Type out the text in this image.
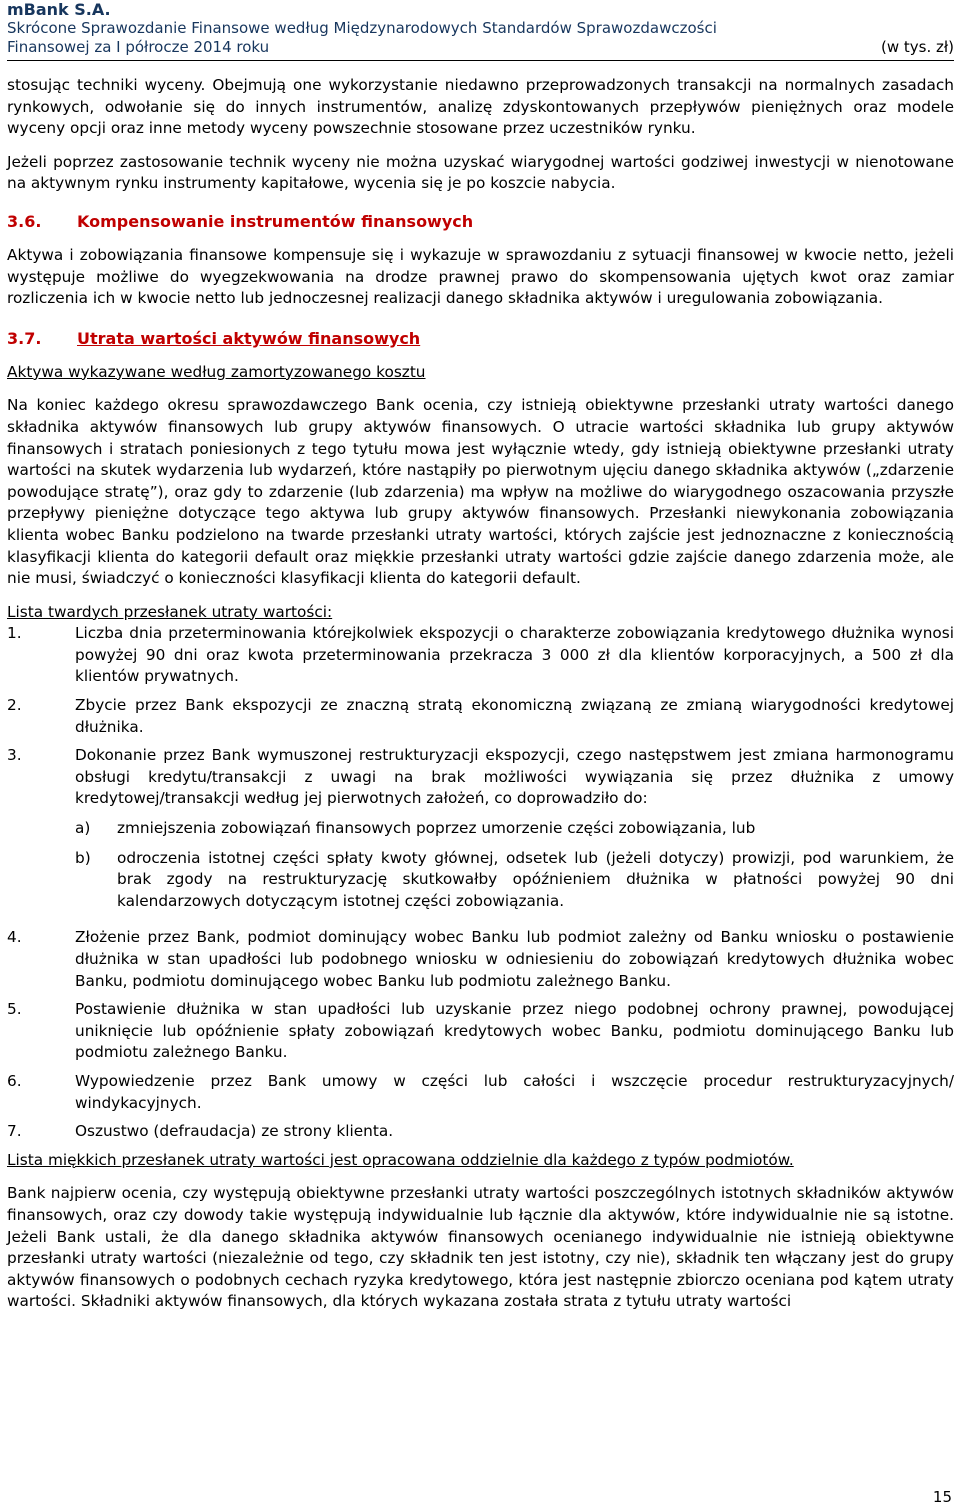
mBank S.A.
Skrócone Sprawozdanie Finansowe według Międzynarodowych Standardów Sprawozdawczości
Finansowej za I półrocze 2014 roku	(w tys. zł)

stosując techniki wyceny. Obejmują one wykorzystanie niedawno przeprowadzonych transakcji na normalnych zasadach rynkowych, odwołanie się do innych instrumentów, analizę zdyskontowanych przepływów pieniężnych oraz modele wyceny opcji oraz inne metody wyceny powszechnie stosowane przez uczestników rynku.

Jeżeli poprzez zastosowanie technik wyceny nie można uzyskać wiarygodnej wartości godziwej inwestycji w nienotowane na aktywnym rynku instrumenty kapitałowe, wycenia się je po koszcie nabycia.

3.6.	Kompensowanie instrumentów finansowych

Aktywa i zobowiązania finansowe kompensuje się i wykazuje w sprawozdaniu z sytuacji finansowej w kwocie netto, jeżeli występuje możliwe do wyegzekwowania na drodze prawnej prawo do skompensowania ujętych kwot oraz zamiar rozliczenia ich w kwocie netto lub jednoczesnej realizacji danego składnika aktywów i uregulowania zobowiązania.

3.7.	Utrata wartości aktywów finansowych

Aktywa wykazywane według zamortyzowanego kosztu

Na koniec każdego okresu sprawozdawczego Bank ocenia, czy istnieją obiektywne przesłanki utraty wartości danego składnika aktywów finansowych lub grupy aktywów finansowych. O utracie wartości składnika lub grupy aktywów finansowych i stratach poniesionych z tego tytułu mowa jest wyłącznie wtedy, gdy istnieją obiektywne przesłanki utraty wartości na skutek wydarzenia lub wydarzeń, które nastąpiły po pierwotnym ujęciu danego składnika aktywów („zdarzenie powodujące stratę”), oraz gdy to zdarzenie (lub zdarzenia) ma wpływ na możliwe do wiarygodnego oszacowania przyszłe przepływy pieniężne dotyczące tego aktywa lub grupy aktywów finansowych. Przesłanki niewykonania zobowiązania klienta wobec Banku podzielono na twarde przesłanki utraty wartości, których zajście jest jednoznaczne z koniecznością klasyfikacji klienta do kategorii default oraz miękkie przesłanki utraty wartości gdzie zajście danego zdarzenia może, ale nie musi, świadczyć o konieczności klasyfikacji klienta do kategorii default.

Lista twardych przesłanek utraty wartości:

1.	Liczba dnia przeterminowania którejkolwiek ekspozycji o charakterze zobowiązania kredytowego dłużnika wynosi powyżej 90 dni oraz kwota przeterminowania przekracza 3 000 zł dla klientów korporacyjnych, a 500 zł dla klientów prywatnych.
2.	Zbycie przez Bank ekspozycji ze znaczną stratą ekonomiczną związaną ze zmianą wiarygodności kredytowej dłużnika.
3.	Dokonanie przez Bank wymuszonej restrukturyzacji ekspozycji, czego następstwem jest zmiana harmonogramu obsługi kredytu/transakcji z uwagi na brak możliwości wywiązania się przez dłużnika z umowy kredytowej/transakcji według jej pierwotnych założeń, co doprowadziło do:
a)	zmniejszenia zobowiązań finansowych poprzez umorzenie części zobowiązania, lub
b)	odroczenia istotnej części spłaty kwoty głównej, odsetek lub (jeżeli dotyczy) prowizji, pod warunkiem, że brak zgody na restrukturyzację skutkowałby opóźnieniem dłużnika w płatności powyżej 90 dni kalendarzowych dotyczącym istotnej części zobowiązania.
4.	Złożenie przez Bank, podmiot dominujący wobec Banku lub podmiot zależny od Banku wniosku o postawienie dłużnika w stan upadłości lub podobnego wniosku w odniesieniu do zobowiązań kredytowych dłużnika wobec Banku, podmiotu dominującego wobec Banku lub podmiotu zależnego Banku.
5.	Postawienie dłużnika w stan upadłości lub uzyskanie przez niego podobnej ochrony prawnej, powodującej uniknięcie lub opóźnienie spłaty zobowiązań kredytowych wobec Banku, podmiotu dominującego Banku lub podmiotu zależnego Banku.
6.	Wypowiedzenie przez Bank umowy w części lub całości i wszczęcie procedur restrukturyzacyjnych/ windykacyjnych.
7.	Oszustwo (defraudacja) ze strony klienta.

Lista miękkich przesłanek utraty wartości jest opracowana oddzielnie dla każdego z typów podmiotów.

Bank najpierw ocenia, czy występują obiektywne przesłanki utraty wartości poszczególnych istotnych składników aktywów finansowych, oraz czy dowody takie występują indywidualnie lub łącznie dla aktywów, które indywidualnie nie są istotne. Jeżeli Bank ustali, że dla danego składnika aktywów finansowych ocenianego indywidualnie nie istnieją obiektywne przesłanki utraty wartości (niezależnie od tego, czy składnik ten jest istotny, czy nie), składnik ten włączany jest do grupy aktywów finansowych o podobnych cechach ryzyka kredytowego, która jest następnie zbiorczo oceniana pod kątem utraty wartości. Składniki aktywów finansowych, dla których wykazana została strata z tytułu utraty wartości

15
